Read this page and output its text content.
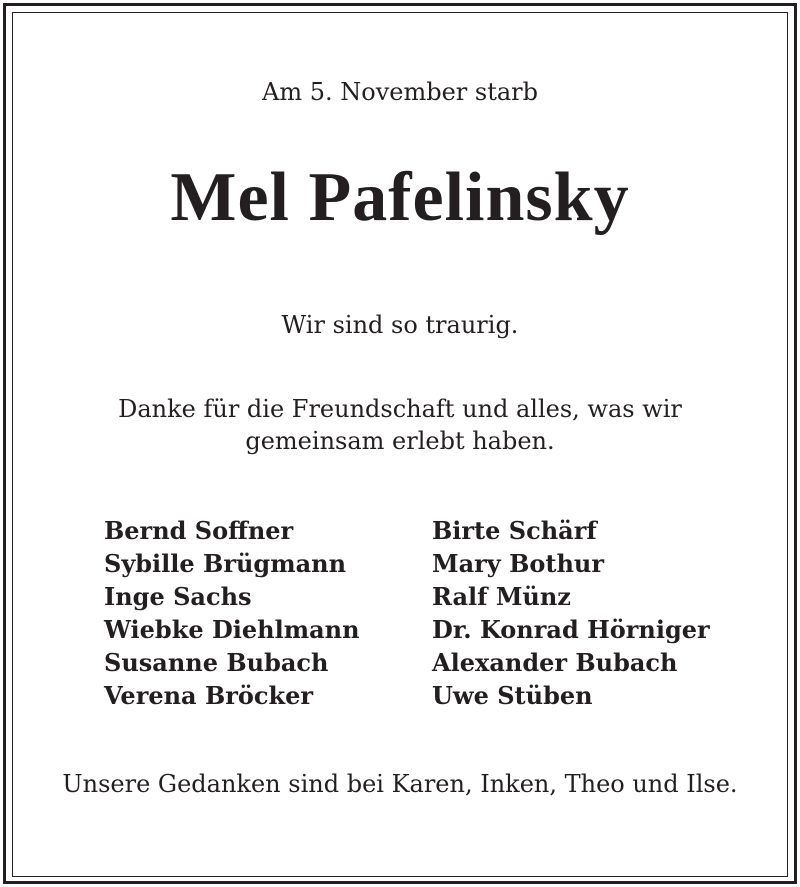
Am 5. November starb
Mel Pafelinsky
Wir sind so traurig.
Danke für die Freundschaft und alles, was wir
gemeinsam erlebt haben.
Bernd Soffner
Sybille Brügmann
Inge Sachs
Wiebke Diehlmann
Susanne Bubach
Verena Bröcker
Birte Schärf
Mary Bothur
Ralf Münz
Dr. Konrad Hörniger
Alexander Bubach
Uwe Stüben
Unsere Gedanken sind bei Karen, Inken, Theo und Ilse.
